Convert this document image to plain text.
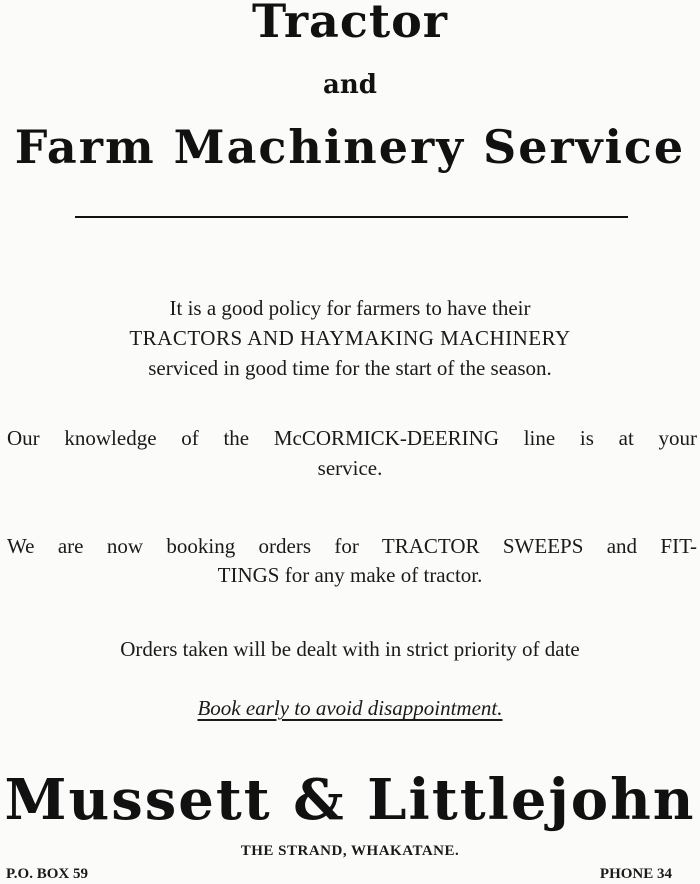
Tractor
and
Farm Machinery Service
It is a good policy for farmers to have their
TRACTORS AND HAYMAKING MACHINERY
serviced in good time for the start of the season.
Our knowledge of the McCORMICK-DEERING line is at your
service.
We are now booking orders for TRACTOR SWEEPS and FIT-
TINGS for any make of tractor.
Orders taken will be dealt with in strict priority of date
Book early to avoid disappointment.
Mussett & Littlejohn
THE STRAND, WHAKATANE.
P.O. BOX 59	PHONE 34
